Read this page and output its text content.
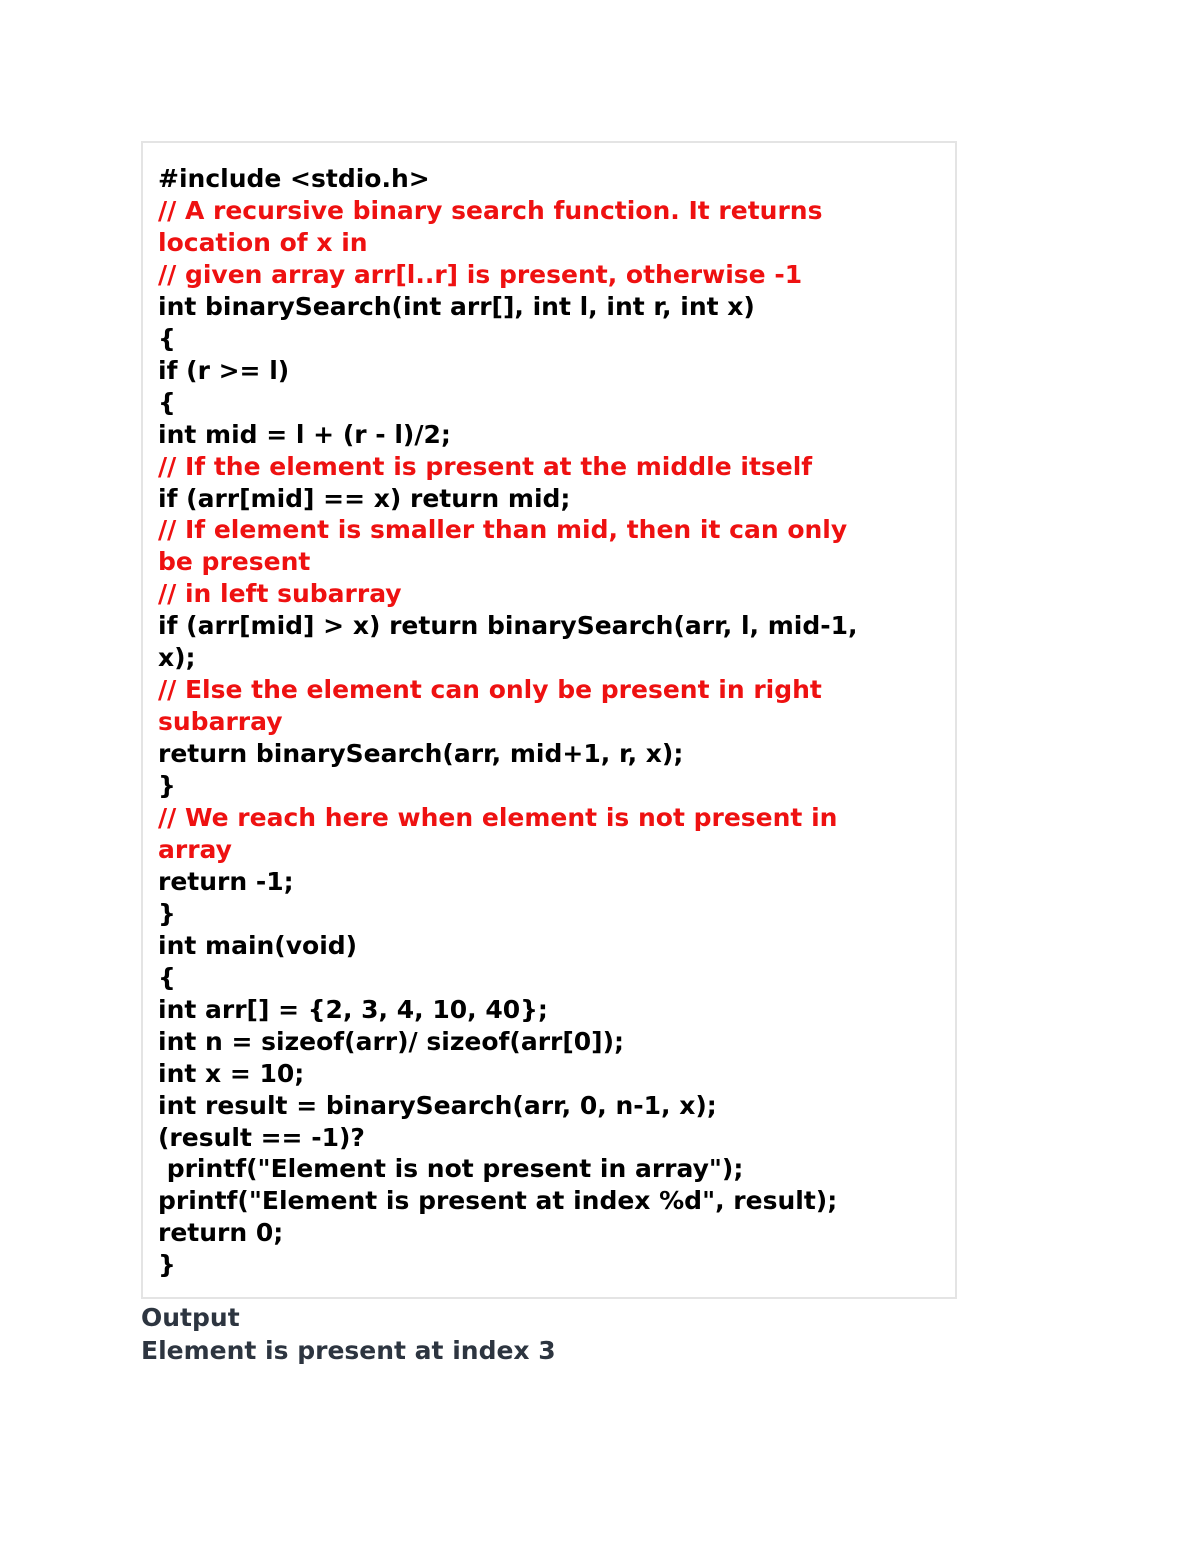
#include <stdio.h>
// A recursive binary search function. It returns
location of x in
// given array arr[l..r] is present, otherwise -1
int binarySearch(int arr[], int l, int r, int x)
{
if (r >= l)
{
int mid = l + (r - l)/2;
// If the element is present at the middle itself
if (arr[mid] == x) return mid;
// If element is smaller than mid, then it can only
be present
// in left subarray
if (arr[mid] > x) return binarySearch(arr, l, mid-1,
x);
// Else the element can only be present in right
subarray
return binarySearch(arr, mid+1, r, x);
}
// We reach here when element is not present in
array
return -1;
}
int main(void)
{
int arr[] = {2, 3, 4, 10, 40};
int n = sizeof(arr)/ sizeof(arr[0]);
int x = 10;
int result = binarySearch(arr, 0, n-1, x);
(result == -1)?
printf("Element is not present in array");
printf("Element is present at index %d", result);
return 0;
}
Output
Element is present at index 3
